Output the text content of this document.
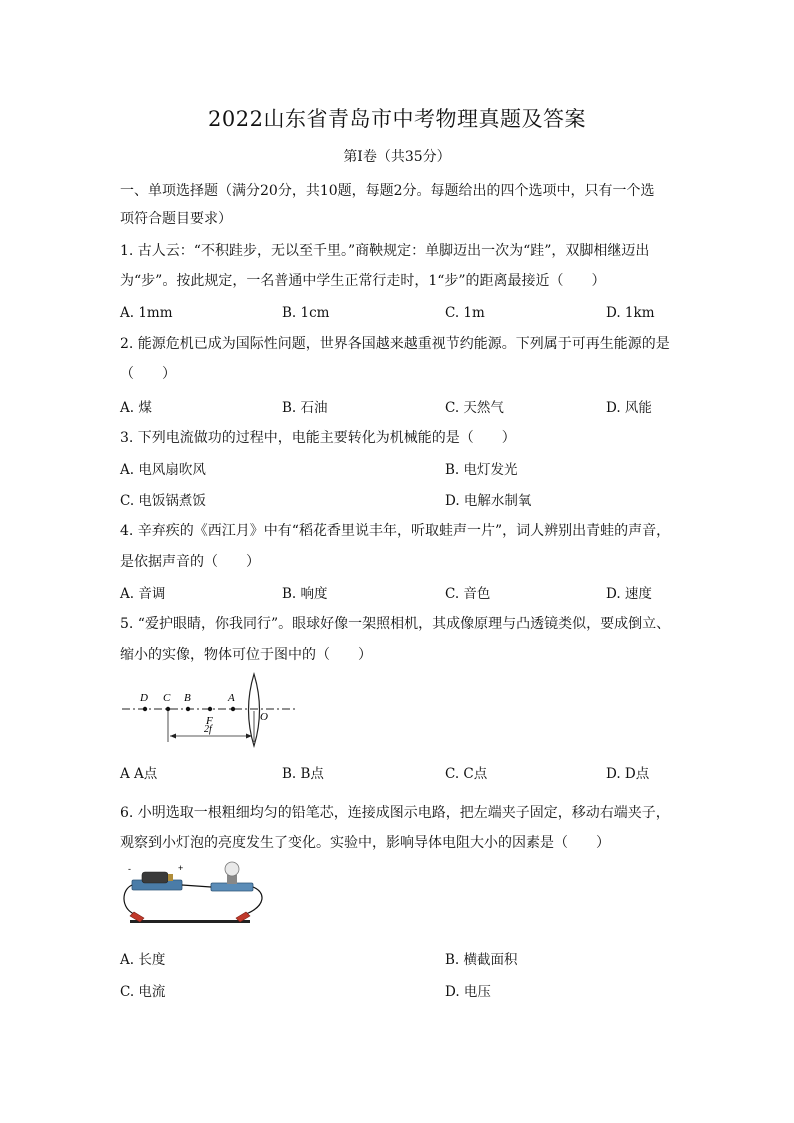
2022山东省青岛市中考物理真题及答案
第Ⅰ卷（共35分）
一、单项选择题（满分20分，共10题，每题2分。每题给出的四个选项中，只有一个选
项符合题目要求）
1. 古人云：“不积跬步，无以至千里。”商鞅规定：单脚迈出一次为“跬”，双脚相继迈出
为“步”。按此规定，一名普通中学生正常行走时，1“步”的距离最接近（　　）
A. 1mm	B. 1cm	C. 1m	D. 1km
2. 能源危机已成为国际性问题，世界各国越来越重视节约能源。下列属于可再生能源的是
（　　）
A. 煤	B. 石油	C. 天然气	D. 风能
3. 下列电流做功的过程中，电能主要转化为机械能的是（　　）
A. 电风扇吹风	B. 电灯发光
C. 电饭锅煮饭	D. 电解水制氧
4. 辛弃疾的《西江月》中有“稻花香里说丰年，听取蛙声一片”，词人辨别出青蛙的声音，
是依据声音的（　　）
A. 音调	B. 响度	C. 音色	D. 速度
5. “爱护眼睛，你我同行”。眼球好像一架照相机，其成像原理与凸透镜类似，要成倒立、
缩小的实像，物体可位于图中的（　　）
D C B	A
F	O
2f
A A点	B. B点	C. C点	D. D点
6. 小明选取一根粗细均匀的铅笔芯，连接成图示电路，把左端夹子固定，移动右端夹子，
观察到小灯泡的亮度发生了变化。实验中，影响导体电阻大小的因素是（　　）
-	+
A. 长度	B. 横截面积
C. 电流	D. 电压
